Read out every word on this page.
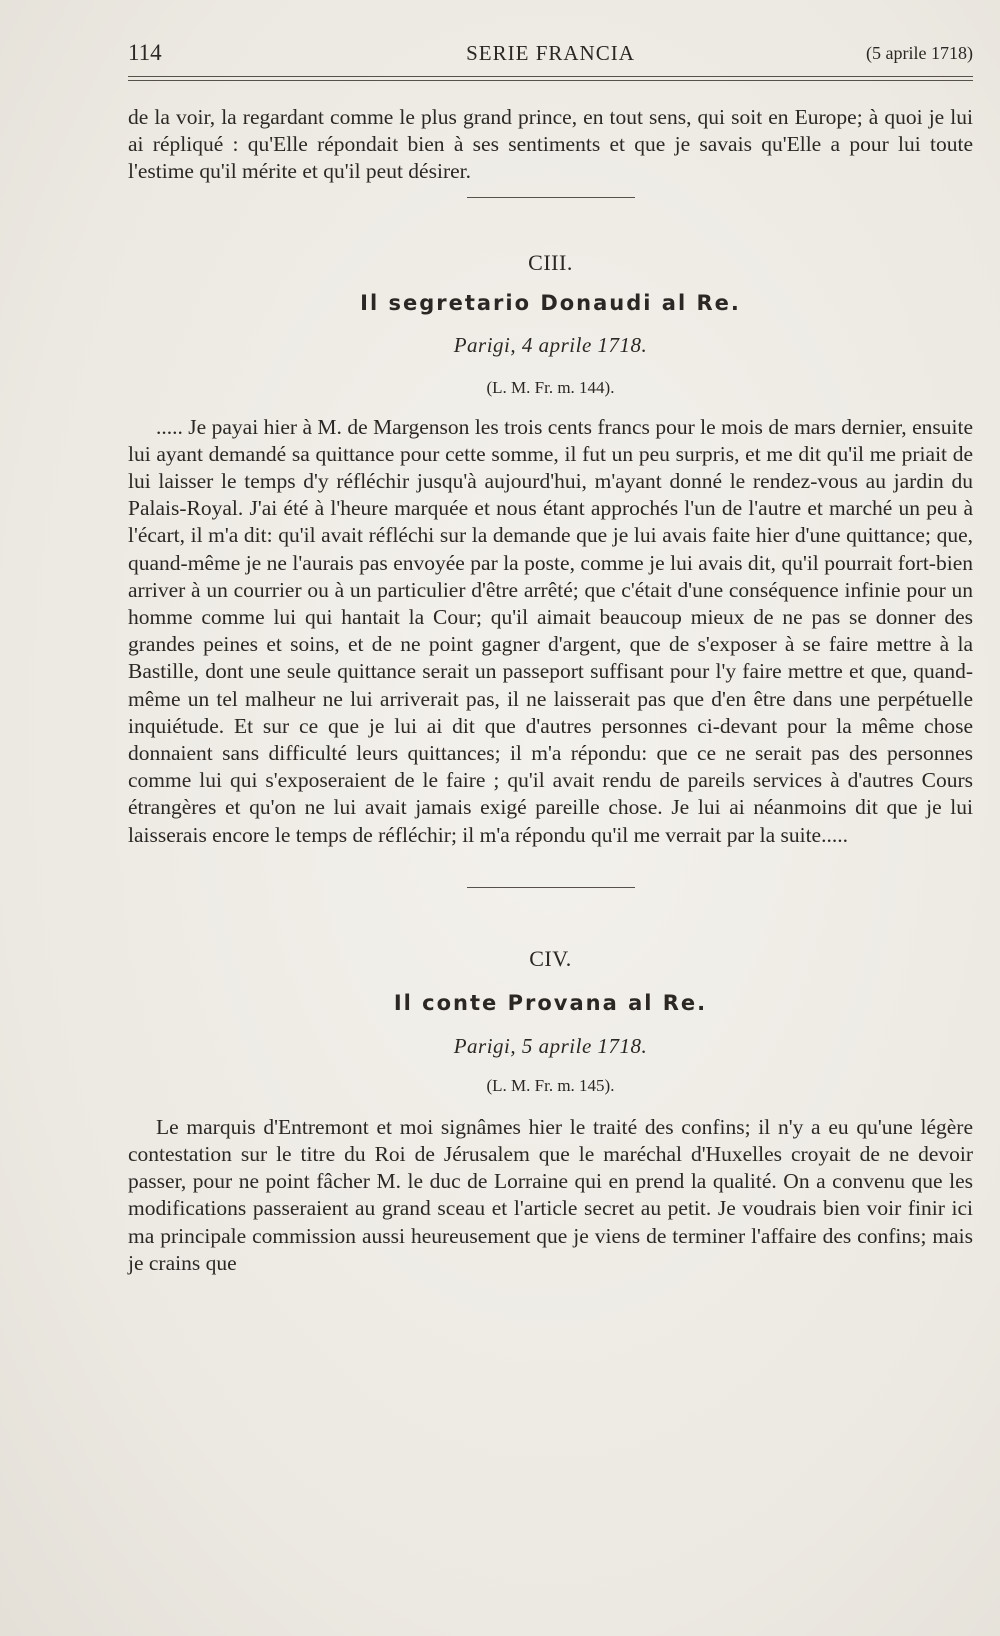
114	SERIE FRANCIA	(5 aprile 1718)

de la voir, la regardant comme le plus grand prince, en tout sens, qui soit en Europe; à quoi je lui ai répliqué : qu'Elle répondait bien à ses sentiments et que je savais qu'Elle a pour lui toute l'estime qu'il mérite et qu'il peut désirer.

CIII.

Il segretario Donaudi al Re.

Parigi, 4 aprile 1718.

(L. M. Fr. m. 144).

..... Je payai hier à M. de Margenson les trois cents francs pour le mois de mars dernier, ensuite lui ayant demandé sa quittance pour cette somme, il fut un peu surpris, et me dit qu'il me priait de lui laisser le temps d'y réfléchir jusqu'à aujourd'hui, m'ayant donné le rendez-vous au jardin du Palais-Royal. J'ai été à l'heure marquée et nous étant approchés l'un de l'autre et marché un peu à l'écart, il m'a dit: qu'il avait réfléchi sur la demande que je lui avais faite hier d'une quittance; que, quand-même je ne l'aurais pas envoyée par la poste, comme je lui avais dit, qu'il pourrait fort-bien arriver à un courrier ou à un particulier d'être arrêté; que c'était d'une conséquence infinie pour un homme comme lui qui hantait la Cour; qu'il aimait beaucoup mieux de ne pas se donner des grandes peines et soins, et de ne point gagner d'argent, que de s'exposer à se faire mettre à la Bastille, dont une seule quittance serait un passeport suffisant pour l'y faire mettre et que, quand-même un tel malheur ne lui arriverait pas, il ne laisserait pas que d'en être dans une perpétuelle inquiétude. Et sur ce que je lui ai dit que d'autres personnes ci-devant pour la même chose donnaient sans difficulté leurs quittances; il m'a répondu: que ce ne serait pas des personnes comme lui qui s'exposeraient de le faire ; qu'il avait rendu de pareils services à d'autres Cours étrangères et qu'on ne lui avait jamais exigé pareille chose. Je lui ai néanmoins dit que je lui laisserais encore le temps de réfléchir; il m'a répondu qu'il me verrait par la suite.....

CIV.

Il conte Provana al Re.

Parigi, 5 aprile 1718.

(L. M. Fr. m. 145).

Le marquis d'Entremont et moi signâmes hier le traité des confins; il n'y a eu qu'une légère contestation sur le titre du Roi de Jérusalem que le maréchal d'Huxelles croyait de ne devoir passer, pour ne point fâcher M. le duc de Lorraine qui en prend la qualité. On a convenu que les modifications passeraient au grand sceau et l'article secret au petit. Je voudrais bien voir finir ici ma principale commission aussi heureusement que je viens de terminer l'affaire des confins; mais je crains que
